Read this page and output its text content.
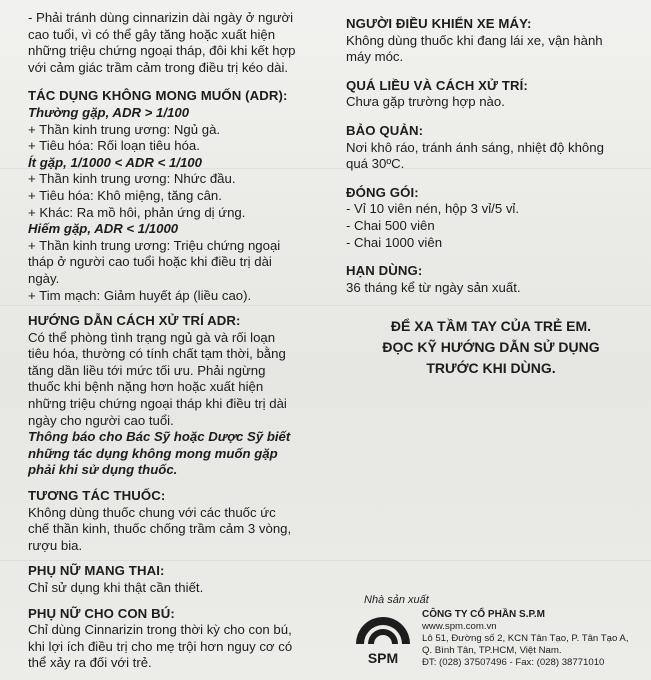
- Phải tránh dùng cinnarizin dài ngày ở người
cao tuổi, vì có thể gây tăng hoặc xuất hiện
những triệu chứng ngoại tháp, đôi khi kết hợp
với cảm giác trầm cảm trong điều trị kéo dài.

TÁC DỤNG KHÔNG MONG MUỐN (ADR):

Thường gặp, ADR > 1/100

+ Thần kinh trung ương: Ngủ gà.
+ Tiêu hóa: Rối loạn tiêu hóa.

Ít gặp, 1/1000 < ADR < 1/100

+ Thần kinh trung ương: Nhức đầu.
+ Tiêu hóa: Khô miệng, tăng cân.
+ Khác: Ra mồ hôi, phản ứng dị ứng.

Hiếm gặp, ADR < 1/1000

+ Thần kinh trung ương: Triệu chứng ngoại
tháp ở người cao tuổi hoặc khi điều trị dài
ngày.
+ Tim mạch: Giảm huyết áp (liều cao).

HƯỚNG DẪN CÁCH XỬ TRÍ ADR:

Có thể phòng tình trạng ngủ gà và rối loạn
tiêu hóa, thường có tính chất tạm thời, bằng
tăng dần liều tới mức tối ưu. Phải ngừng
thuốc khi bệnh nặng hơn hoặc xuất hiện
những triệu chứng ngoại tháp khi điều trị dài
ngày cho người cao tuổi.
Thông báo cho Bác Sỹ hoặc Dược Sỹ biết
những tác dụng không mong muốn gặp
phải khi sử dụng thuốc.

TƯƠNG TÁC THUỐC:

Không dùng thuốc chung với các thuốc ức
chế thần kinh, thuốc chống trầm cảm 3 vòng,
rượu bia.

PHỤ NỮ MANG THAI:

Chỉ sử dụng khi thật cần thiết.

PHỤ NỮ CHO CON BÚ:

Chỉ dùng Cinnarizin trong thời kỳ cho con bú,
khi lợi ích điều trị cho mẹ trội hơn nguy cơ có
thể xảy ra đối với trẻ.

NGƯỜI ĐIỀU KHIỂN XE MÁY:

Không dùng thuốc khi đang lái xe, vận hành
máy móc.

QUÁ LIỀU VÀ CÁCH XỬ TRÍ:

Chưa gặp trường hợp nào.

BẢO QUẢN:

Nơi khô ráo, tránh ánh sáng, nhiệt độ không
quá 30ºC.

ĐÓNG GÓI:

- Vỉ 10 viên nén, hộp 3 vỉ/5 vỉ.
- Chai 500 viên
- Chai 1000 viên

HẠN DÙNG:

36 tháng kể từ ngày sản xuất.
ĐỂ XA TẦM TAY CỦA TRẺ EM.
ĐỌC KỸ HƯỚNG DẪN SỬ DỤNG
TRƯỚC KHI DÙNG.
Nhà sản xuất
SPM
CÔNG TY CỔ PHẦN S.P.M
www.spm.com.vn
Lô 51, Đường số 2, KCN Tân Tạo, P. Tân Tạo A,
Q. Bình Tân, TP.HCM, Việt Nam.
ĐT: (028) 37507496 - Fax: (028) 38771010
